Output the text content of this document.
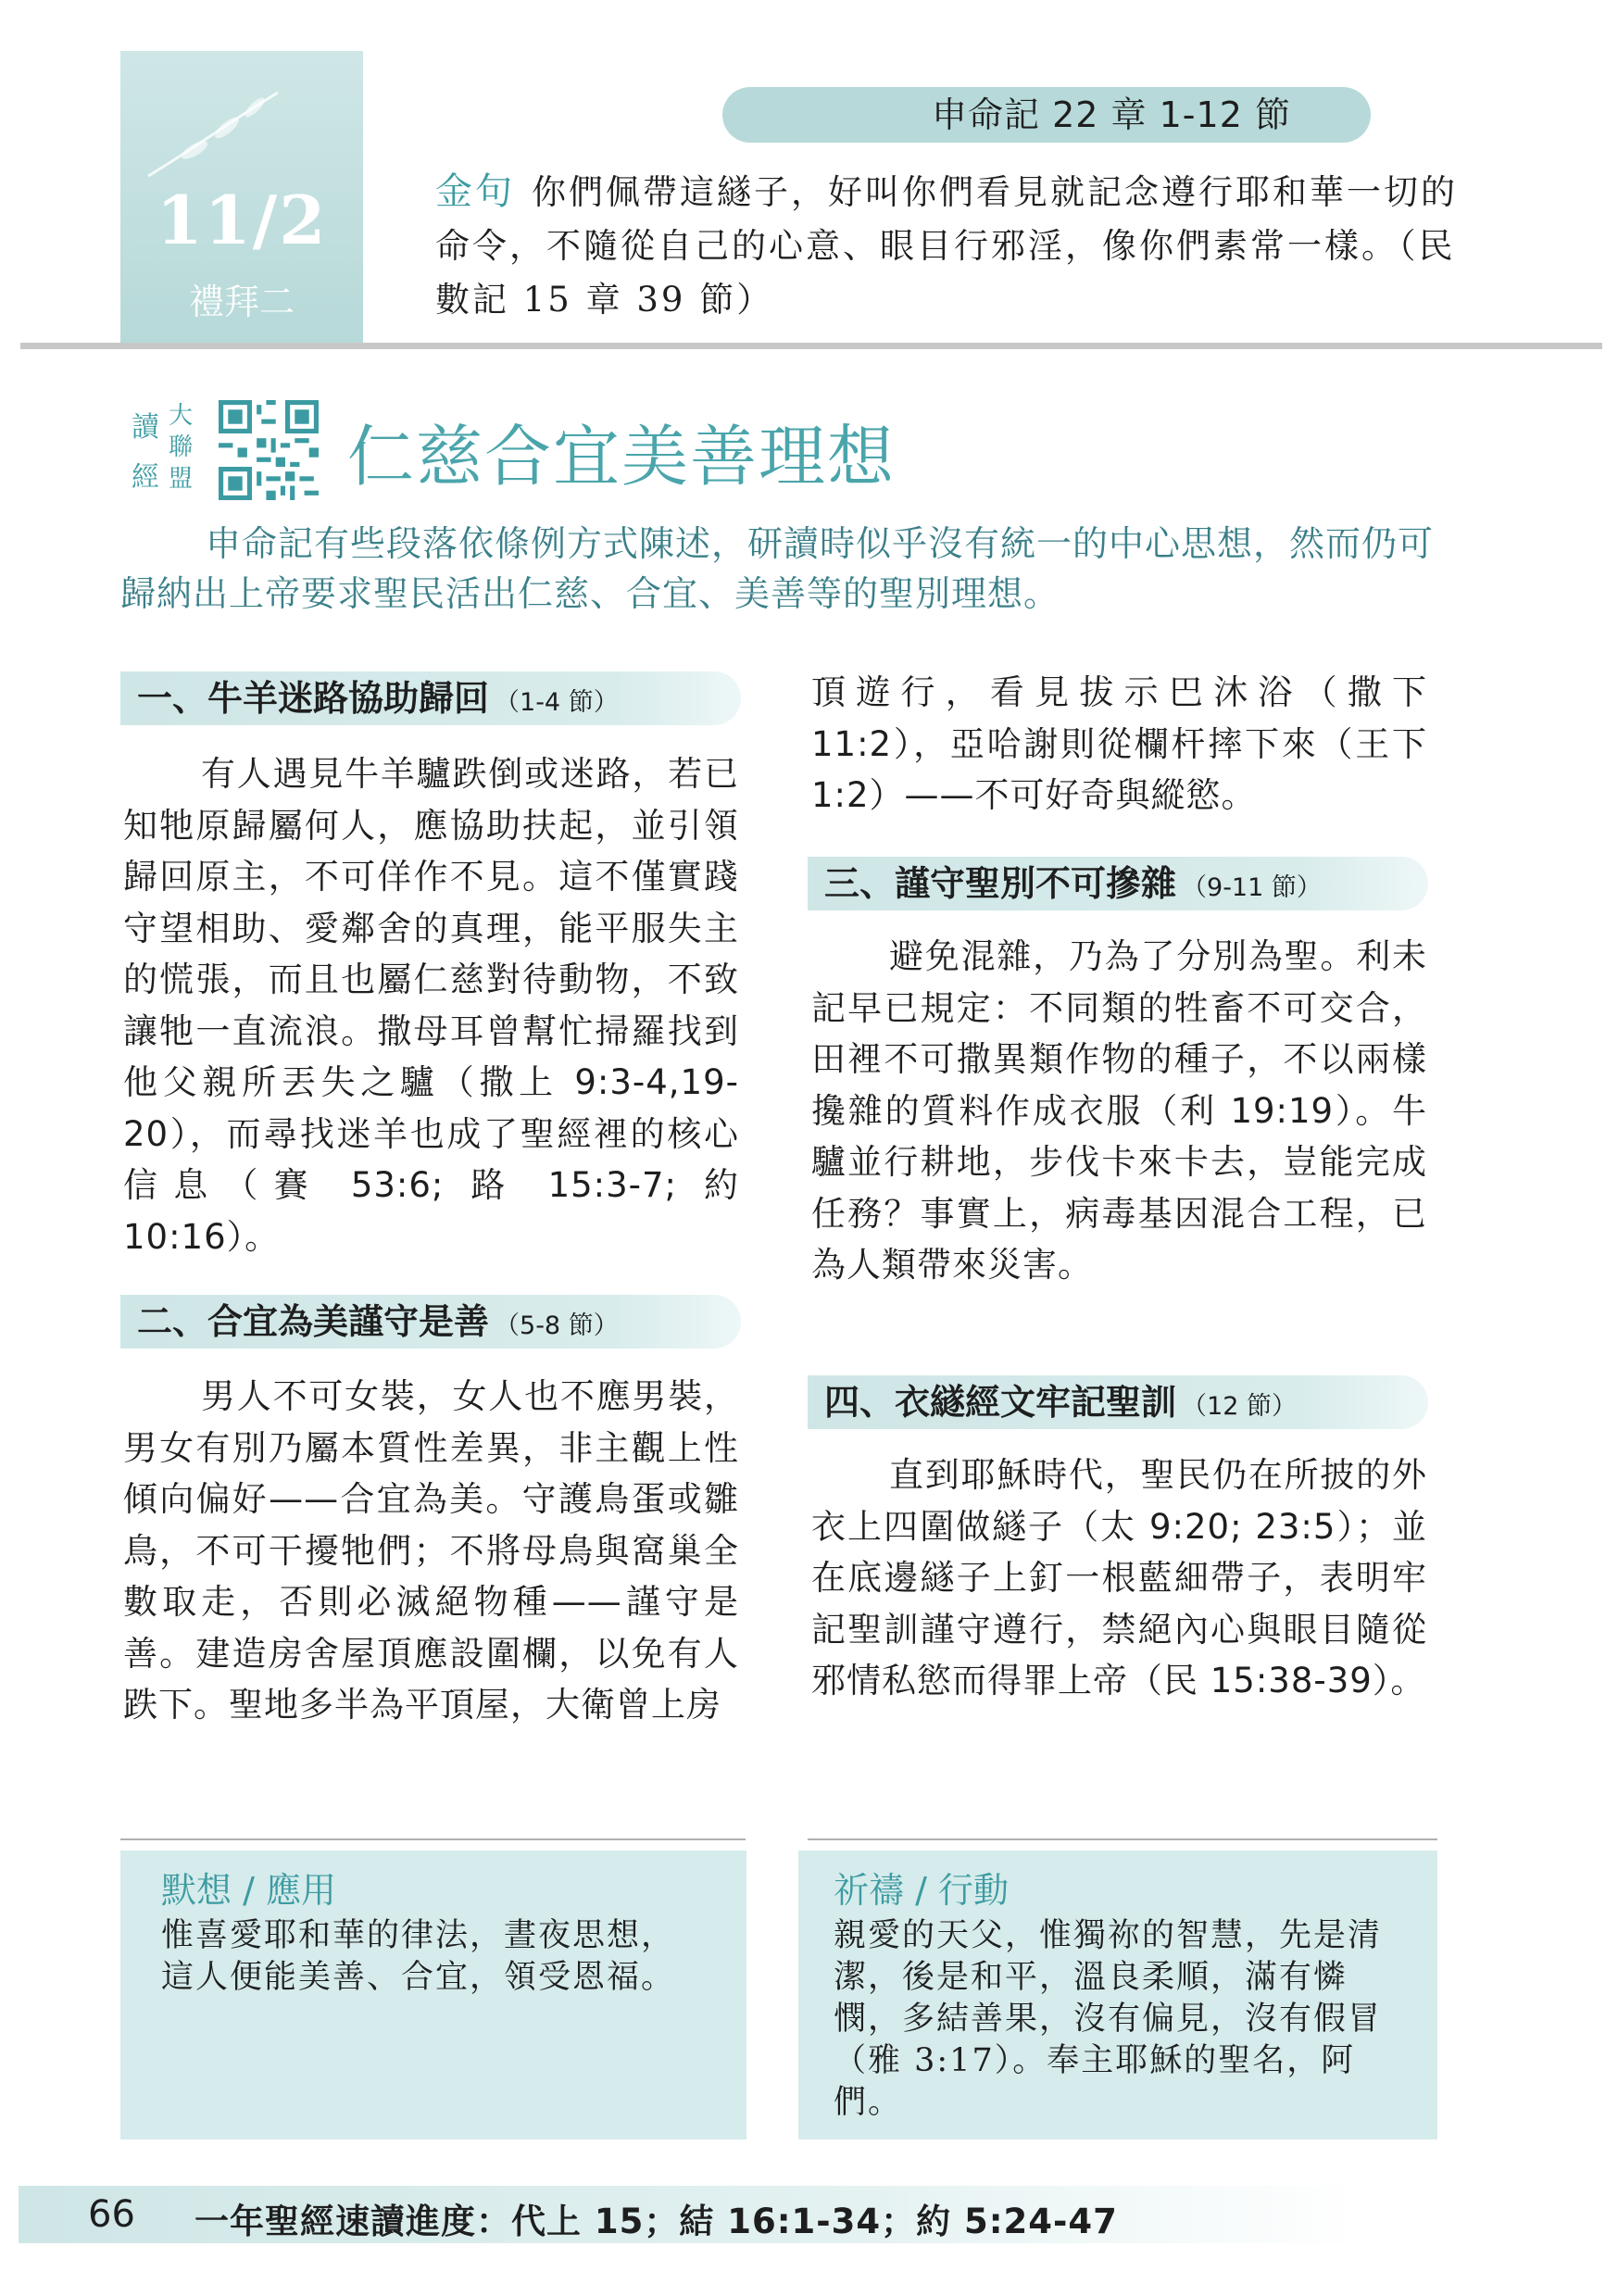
11/2
禮拜二
申命記 22 章 1-12 節
金句 你們佩帶這繸子，好叫你們看見就記念遵行耶和華一切的命令，不隨從自己的心意、眼目行邪淫，像你們素常一樣。（民數記 15 章 39 節）
讀
經
大
聯
盟 仁慈合宜美善理想
申命記有些段落依條例方式陳述，研讀時似乎沒有統一的中心思想，然而仍可歸納出上帝要求聖民活出仁慈、合宜、美善等的聖別理想。
一、牛羊迷路協助歸回 （1-4 節）
有人遇見牛羊驢跌倒或迷路，若已知牠原歸屬何人，應協助扶起，並引領歸回原主，不可佯作不見。這不僅實踐守望相助、愛鄰舍的真理，能平服失主的慌張，而且也屬仁慈對待動物，不致讓牠一直流浪。撒母耳曾幫忙掃羅找到他父親所丟失之驢（撒上 9:3-4,19-20），而尋找迷羊也成了聖經裡的核心信息（賽 53:6; 路 15:3-7; 約 10:16）。
二、合宜為美謹守是善 （5-8 節）
男人不可女裝，女人也不應男裝，男女有別乃屬本質性差異，非主觀上性傾向偏好——合宜為美。守護鳥蛋或雛鳥，不可干擾牠們；不將母鳥與窩巢全數取走，否則必滅絕物種——謹守是善。建造房舍屋頂應設圍欄，以免有人跌下。聖地多半為平頂屋，大衛曾上房
頂遊行，看見拔示巴沐浴（撒下 11:2），亞哈謝則從欄杆摔下來（王下 1:2）——不可好奇與縱慾。
三、謹守聖別不可摻雜 （9-11 節）
避免混雜，乃為了分別為聖。利未記早已規定：不同類的牲畜不可交合，田裡不可撒異類作物的種子，不以兩樣攙雜的質料作成衣服（利 19:19）。牛驢並行耕地，步伐卡來卡去，豈能完成任務？事實上，病毒基因混合工程，已為人類帶來災害。
四、衣繸經文牢記聖訓 （12 節）
直到耶穌時代，聖民仍在所披的外衣上四圍做繸子（太 9:20; 23:5）；並在底邊繸子上釘一根藍細帶子，表明牢記聖訓謹守遵行，禁絕內心與眼目隨從邪情私慾而得罪上帝（民 15:38-39）。
默想 / 應用
惟喜愛耶和華的律法，晝夜思想，這人便能美善、合宜，領受恩福。
祈禱 / 行動
親愛的天父，惟獨祢的智慧，先是清潔，後是和平，溫良柔順，滿有憐憫，多結善果，沒有偏見，沒有假冒（雅 3:17）。奉主耶穌的聖名，阿們。
66 一年聖經速讀進度：代上 15；結 16:1-34；約 5:24-47
